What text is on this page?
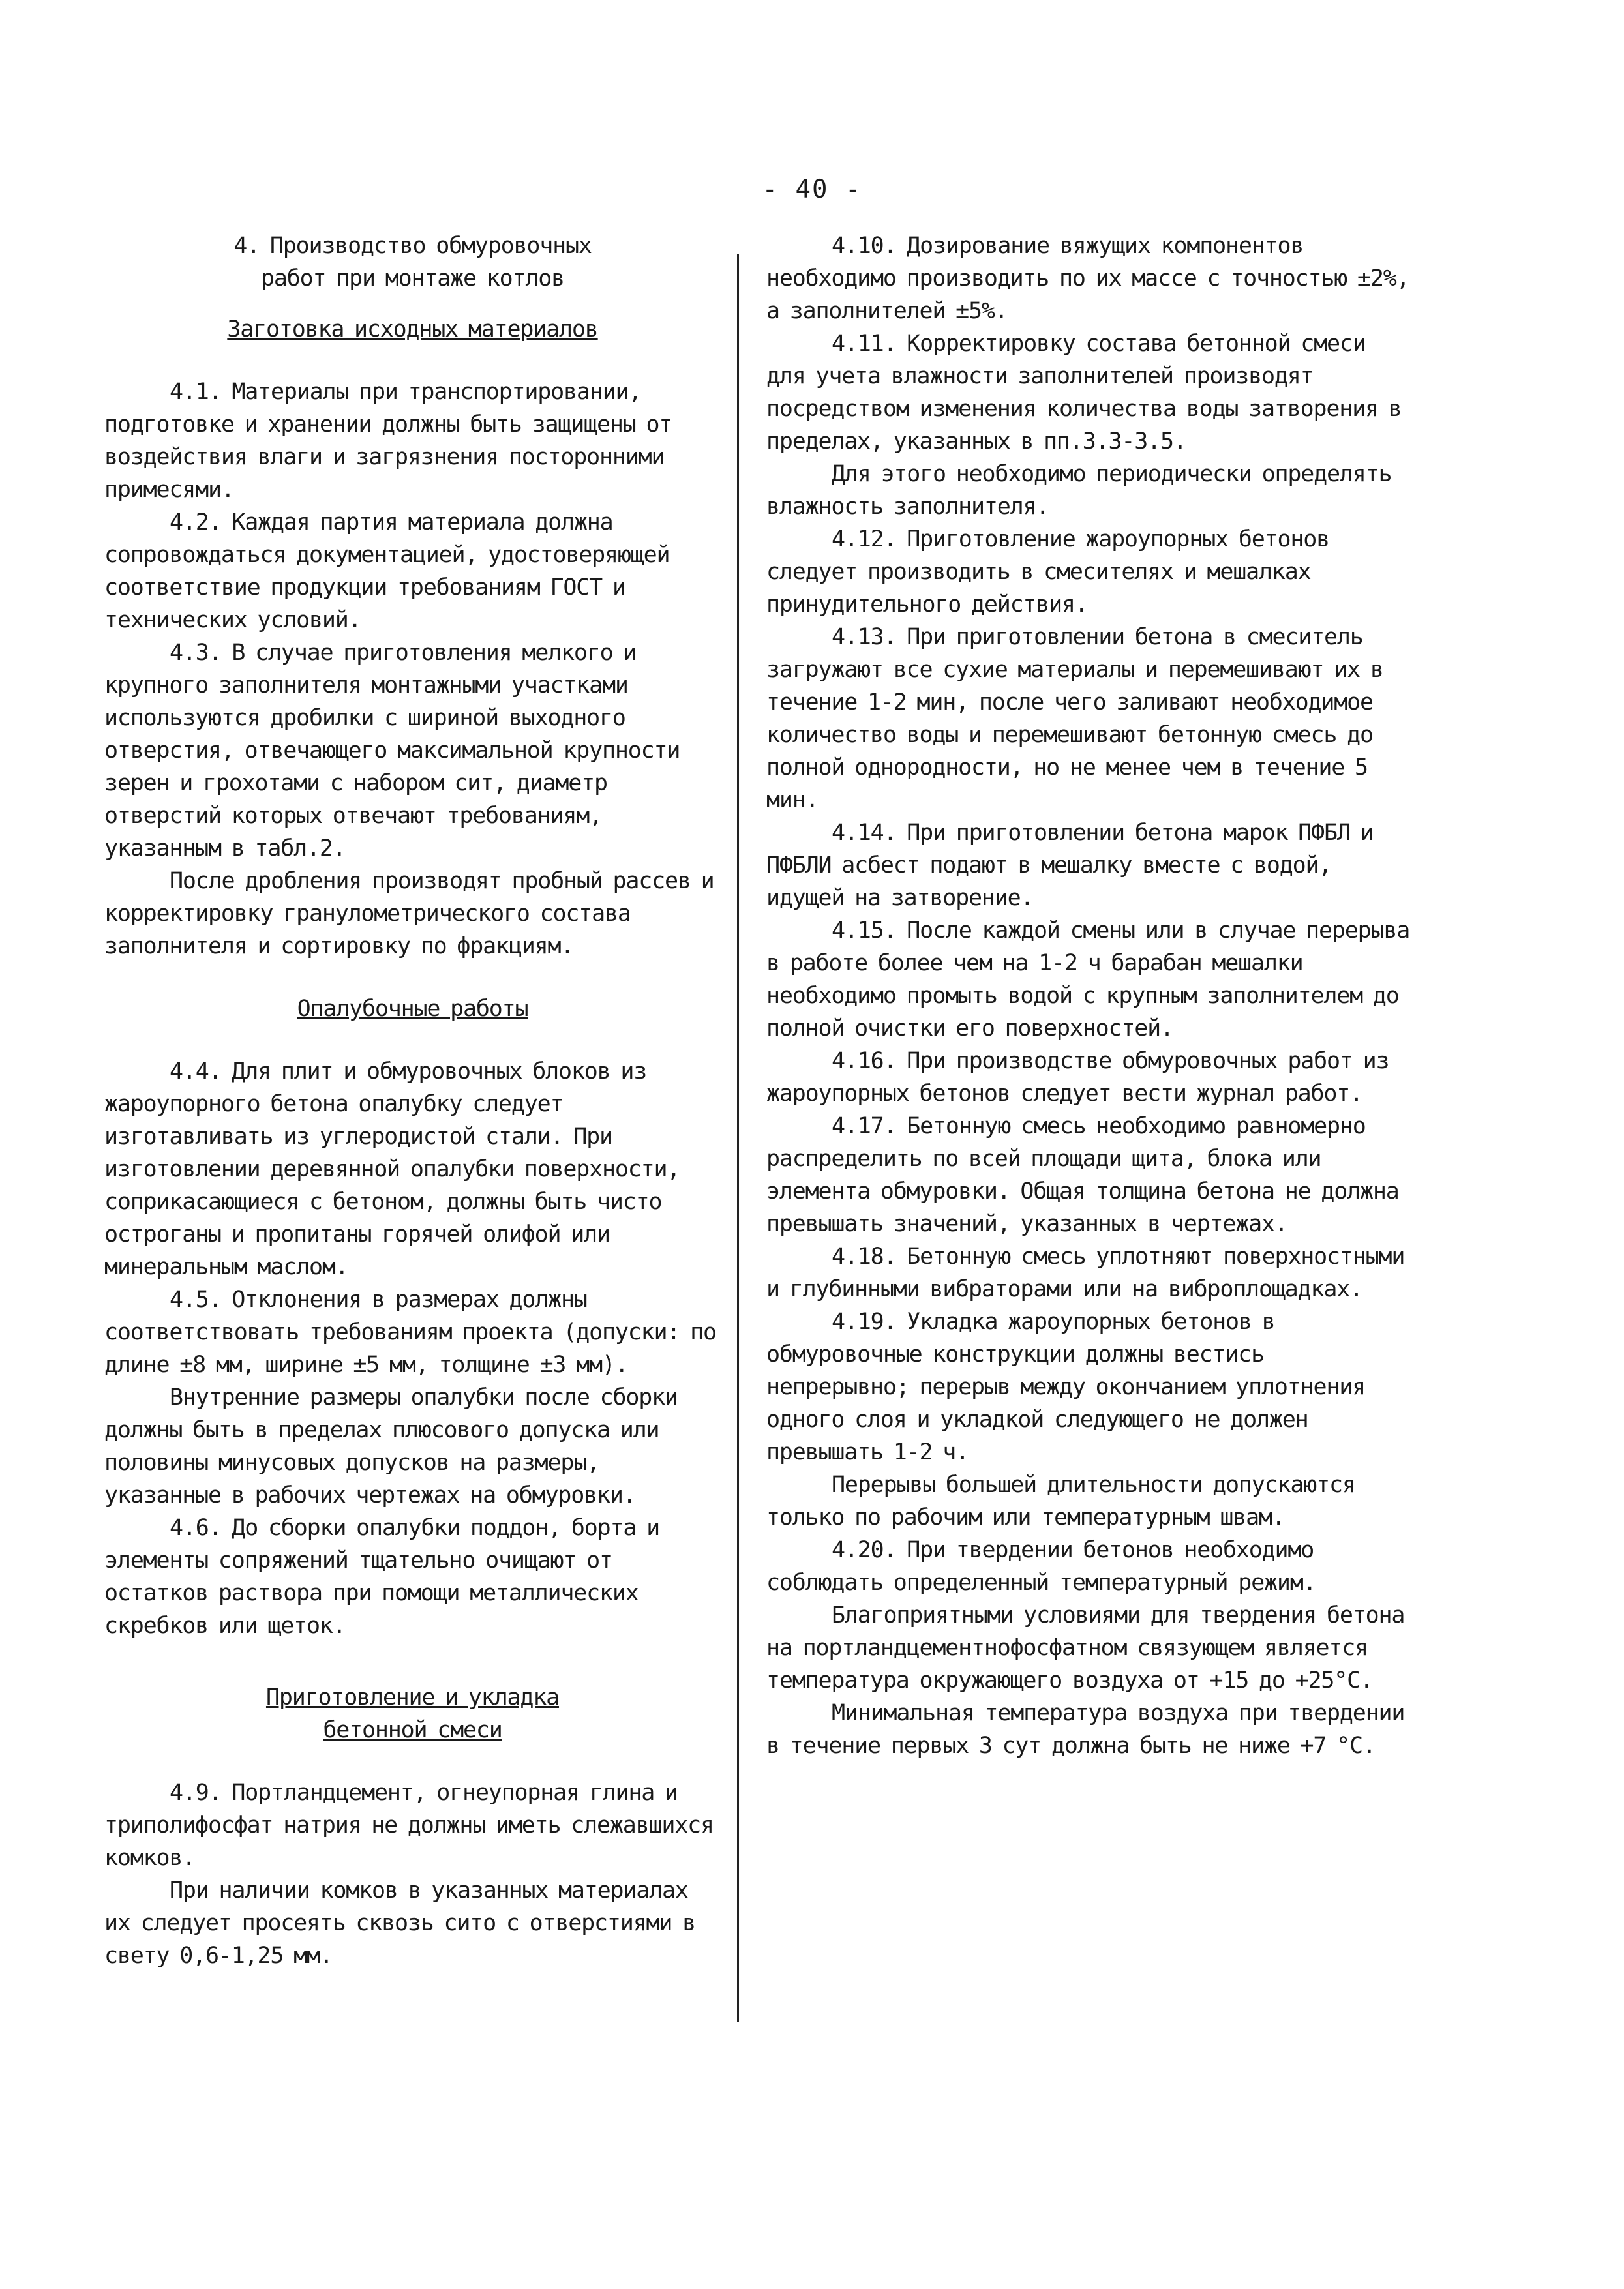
- 40 -

4. Производство обмуровочных

работ при монтаже котлов

Заготовка исходных материалов

4.1. Материалы при транспортировании, подготовке и хранении должны быть защищены от воздействия влаги и загрязнения посторонними примесями.

4.2. Каждая партия материала должна сопровождаться документацией, удостоверяющей соответствие продукции требованиям ГОСТ и технических условий.

4.3. В случае приготовления мелкого и крупного заполнителя монтажными участками используются дробилки с шириной выходного отверстия, отвечающего максимальной крупности зерен и грохотами с набором сит, диаметр отверстий которых отвечают требованиям, указанным в табл.2.

После дробления производят пробный рассев и корректировку гранулометрического состава заполнителя и сортировку по фракциям.

Опалубочные работы

4.4. Для плит и обмуровочных блоков из жароупорного бетона опалубку следует изготавливать из углеродистой стали. При изготовлении деревянной опалубки поверхности, соприкасающиеся с бетоном, должны быть чисто остроганы и пропитаны горячей олифой или минеральным маслом.

4.5. Отклонения в размерах должны соответствовать требованиям проекта (допуски: по длине ±8 мм, ширине ±5 мм, толщине ±3 мм).

Внутренние размеры опалубки после сборки должны быть в пределах плюсового допуска или половины минусовых допусков на размеры, указанные в рабочих чертежах на обмуровки.

4.6. До сборки опалубки поддон, борта и элементы сопряжений тщательно очищают от остатков раствора при помощи металлических скребков или щеток.

Приготовление и укладка

бетонной смеси

4.9. Портландцемент, огнеупорная глина и триполифосфат натрия не должны иметь слежавшихся комков.

При наличии комков в указанных материалах их следует просеять сквозь сито с отверстиями в свету 0,6-1,25 мм.

4.10. Дозирование вяжущих компонентов необходимо производить по их массе с точностью ±2%, а заполнителей ±5%.

4.11. Корректировку состава бетонной смеси для учета влажности заполнителей производят посредством изменения количества воды затворения в пределах, указанных в пп.3.3-3.5.

Для этого необходимо периодически определять влажность заполнителя.

4.12. Приготовление жароупорных бетонов следует производить в смесителях и мешалках принудительного действия.

4.13. При приготовлении бетона в смеситель загружают все сухие материалы и перемешивают их в течение 1-2 мин, после чего заливают необходимое количество воды и перемешивают бетонную смесь до полной однородности, но не менее чем в течение 5 мин.

4.14. При приготовлении бетона марок ПФБЛ и ПФБЛИ асбест подают в мешалку вместе с водой, идущей на затворение.

4.15. После каждой смены или в случае перерыва в работе более чем на 1-2 ч барабан мешалки необходимо промыть водой с крупным заполнителем до полной очистки его поверхностей.

4.16. При производстве обмуровочных работ из жароупорных бетонов следует вести журнал работ.

4.17. Бетонную смесь необходимо равномерно распределить по всей площади щита, блока или элемента обмуровки. Общая толщина бетона не должна превышать значений, указанных в чертежах.

4.18. Бетонную смесь уплотняют поверхностными и глубинными вибраторами или на виброплощадках.

4.19. Укладка жароупорных бетонов в обмуровочные конструкции должны вестись непрерывно; перерыв между окончанием уплотнения одного слоя и укладкой следующего не должен превышать 1-2 ч.

Перерывы большей длительности допускаются только по рабочим или температурным швам.

4.20. При твердении бетонов необходимо соблюдать определенный температурный режим.

Благоприятными условиями для твердения бетона на портландцементнофосфатном связующем является температура окружающего воздуха от +15 до +25°С.

Минимальная температура воздуха при твердении в течение первых 3 сут должна быть не ниже +7 °С.
